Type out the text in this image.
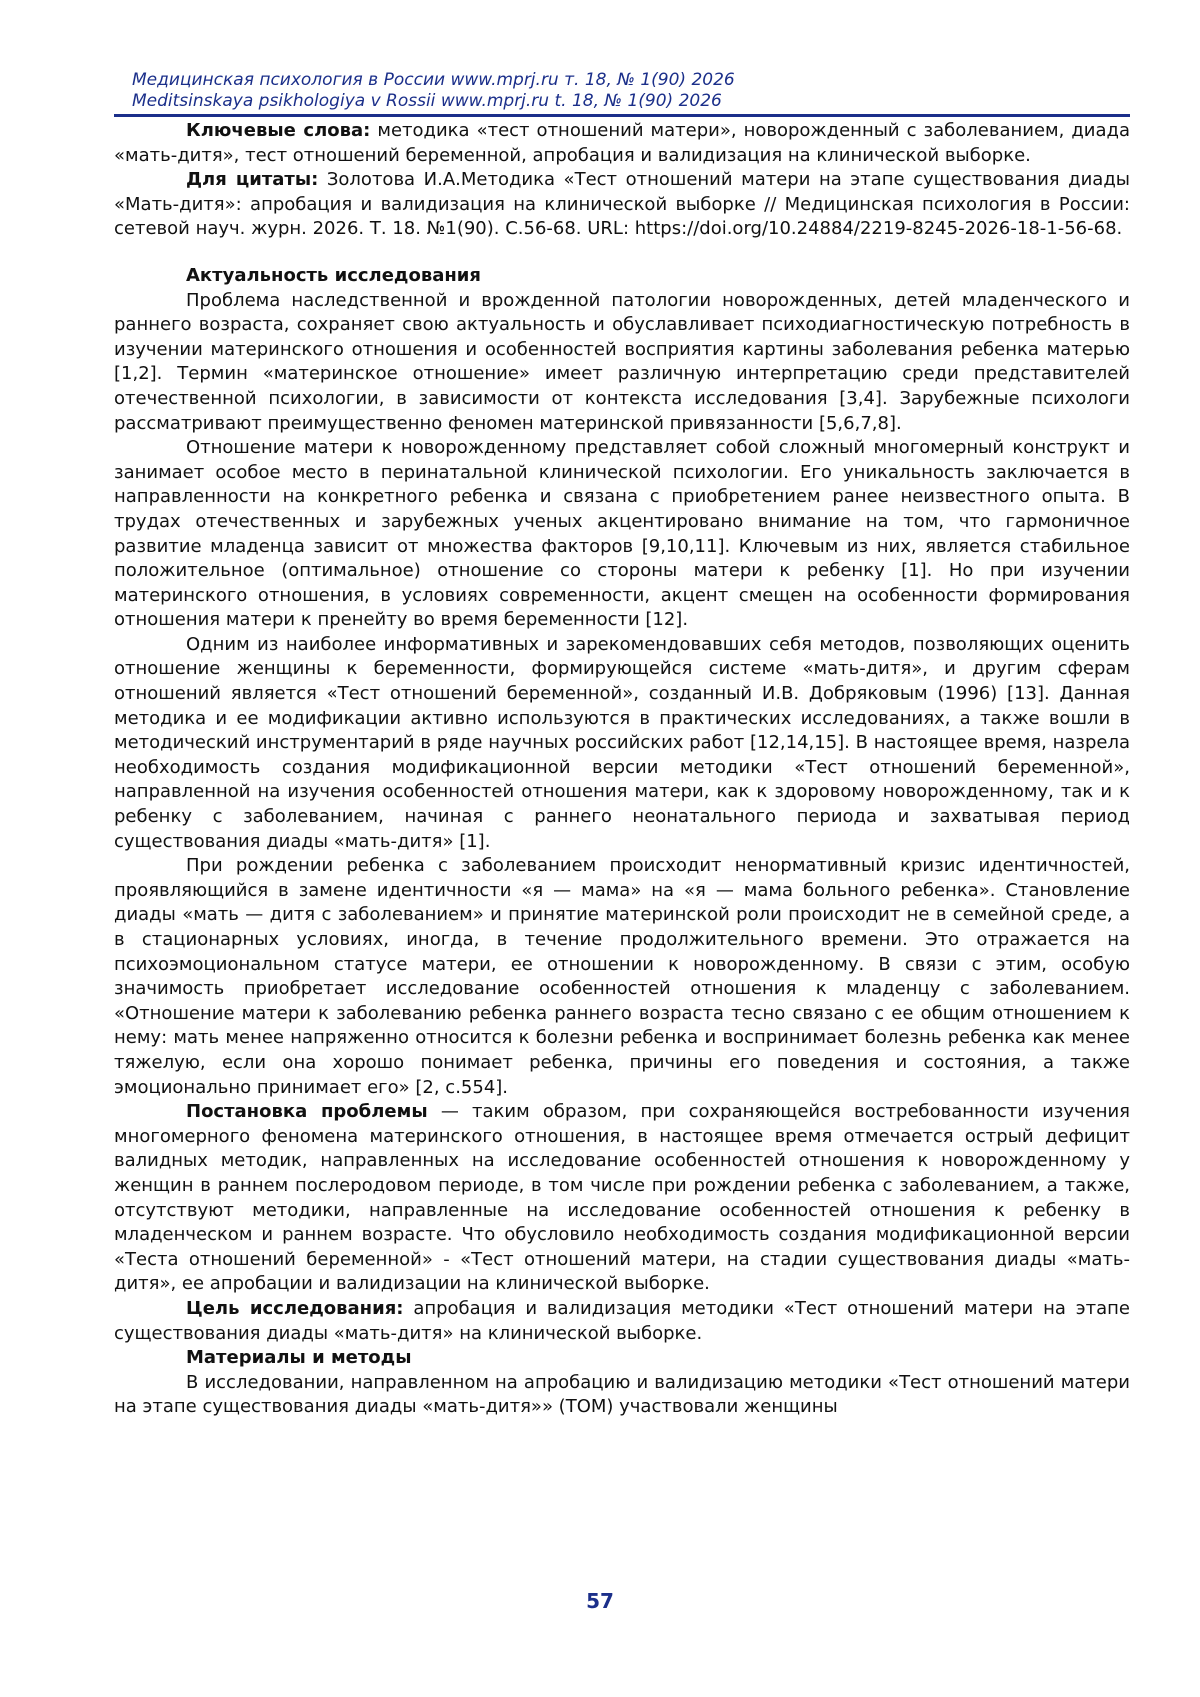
Медицинская психология в России www.mprj.ru т. 18, № 1(90) 2026
Meditsinskaya psikhologiya v Rossii www.mprj.ru t. 18, № 1(90) 2026

Ключевые слова: методика «тест отношений матери», новорожденный с заболеванием, диада «мать-дитя», тест отношений беременной, апробация и валидизация на клинической выборке.

Для цитаты: Золотова И.А.Методика «Тест отношений матери на этапе существования диады «Мать-дитя»: апробация и валидизация на клинической выборке // Медицинская психология в России: сетевой науч. журн. 2026. Т. 18. №1(90). С.56-68. URL: https://doi.org/10.24884/2219-8245-2026-18-1-56-68.

Актуальность исследования

Проблема наследственной и врожденной патологии новорожденных, детей младенческого и раннего возраста, сохраняет свою актуальность и обуславливает психодиагностическую потребность в изучении материнского отношения и особенностей восприятия картины заболевания ребенка матерью [1,2]. Термин «материнское отношение» имеет различную интерпретацию среди представителей отечественной психологии, в зависимости от контекста исследования [3,4]. Зарубежные психологи рассматривают преимущественно феномен материнской привязанности [5,6,7,8].

Отношение матери к новорожденному представляет собой сложный многомерный конструкт и занимает особое место в перинатальной клинической психологии. Его уникальность заключается в направленности на конкретного ребенка и связана с приобретением ранее неизвестного опыта. В трудах отечественных и зарубежных ученых акцентировано внимание на том, что гармоничное развитие младенца зависит от множества факторов [9,10,11]. Ключевым из них, является стабильное положительное (оптимальное) отношение со стороны матери к ребенку [1]. Но при изучении материнского отношения, в условиях современности, акцент смещен на особенности формирования отношения матери к пренейту во время беременности [12].

Одним из наиболее информативных и зарекомендовавших себя методов, позволяющих оценить отношение женщины к беременности, формирующейся системе «мать-дитя», и другим сферам отношений является «Тест отношений беременной», созданный И.В. Добряковым (1996) [13]. Данная методика и ее модификации активно используются в практических исследованиях, а также вошли в методический инструментарий в ряде научных российских работ [12,14,15]. В настоящее время, назрела необходимость создания модификационной версии методики «Тест отношений беременной», направленной на изучения особенностей отношения матери, как к здоровому новорожденному, так и к ребенку с заболеванием, начиная с раннего неонатального периода и захватывая период существования диады «мать-дитя» [1].

При рождении ребенка с заболеванием происходит ненормативный кризис идентичностей, проявляющийся в замене идентичности «я — мама» на «я — мама больного ребенка». Становление диады «мать — дитя с заболеванием» и принятие материнской роли происходит не в семейной среде, а в стационарных условиях, иногда, в течение продолжительного времени. Это отражается на психоэмоциональном статусе матери, ее отношении к новорожденному. В связи с этим, особую значимость приобретает исследование особенностей отношения к младенцу с заболеванием. «Отношение матери к заболеванию ребенка раннего возраста тесно связано с ее общим отношением к нему: мать менее напряженно относится к болезни ребенка и воспринимает болезнь ребенка как менее тяжелую, если она хорошо понимает ребенка, причины его поведения и состояния, а также эмоционально принимает его» [2, с.554].

Постановка проблемы — таким образом, при сохраняющейся востребованности изучения многомерного феномена материнского отношения, в настоящее время отмечается острый дефицит валидных методик, направленных на исследование особенностей отношения к новорожденному у женщин в раннем послеродовом периоде, в том числе при рождении ребенка с заболеванием, а также, отсутствуют методики, направленные на исследование особенностей отношения к ребенку в младенческом и раннем возрасте. Что обусловило необходимость создания модификационной версии «Теста отношений беременной» - «Тест отношений матери, на стадии существования диады «мать-дитя», ее апробации и валидизации на клинической выборке.

Цель исследования: апробация и валидизация методики «Тест отношений матери на этапе существования диады «мать-дитя» на клинической выборке.

Материалы и методы

В исследовании, направленном на апробацию и валидизацию методики «Тест отношений матери на этапе существования диады «мать-дитя»» (ТОМ) участвовали женщины

57
